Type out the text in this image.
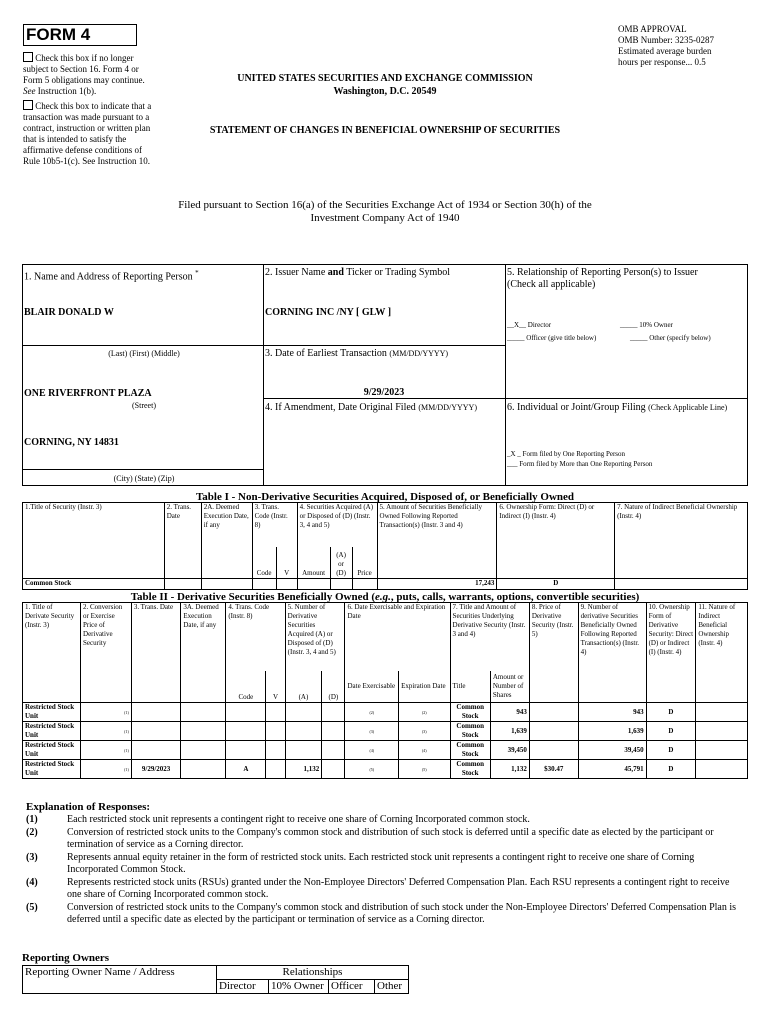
FORM 4
Check this box if no longer subject to Section 16. Form 4 or Form 5 obligations may continue. See Instruction 1(b).
Check this box to indicate that a transaction was made pursuant to a contract, instruction or written plan that is intended to satisfy the affirmative defense conditions of Rule 10b5-1(c). See Instruction 10.
OMB APPROVAL
OMB Number: 3235-0287
Estimated average burden
hours per response... 0.5
UNITED STATES SECURITIES AND EXCHANGE COMMISSION
Washington, D.C. 20549
STATEMENT OF CHANGES IN BENEFICIAL OWNERSHIP OF SECURITIES
Filed pursuant to Section 16(a) of the Securities Exchange Act of 1934 or Section 30(h) of the Investment Company Act of 1940
1. Name and Address of Reporting Person *
BLAIR DONALD W
(Last) (First) (Middle)
ONE RIVERFRONT PLAZA
(Street)
CORNING, NY 14831
(City) (State) (Zip)
2. Issuer Name and Ticker or Trading Symbol
CORNING INC /NY [ GLW ]
3. Date of Earliest Transaction (MM/DD/YYYY)
9/29/2023
4. If Amendment, Date Original Filed (MM/DD/YYYY)
5. Relationship of Reporting Person(s) to Issuer
(Check all applicable)
__X__ Director	_____ 10% Owner
_____ Officer (give title below)	_____ Other (specify below)
6. Individual or Joint/Group Filing (Check Applicable Line)
_X _ Form filed by One Reporting Person
___ Form filed by More than One Reporting Person
Table I - Non-Derivative Securities Acquired, Disposed of, or Beneficially Owned
1.Title of Security (Instr. 3)	2. Trans. Date	2A. Deemed Execution Date, if any	3. Trans. Code (Instr. 8)		4. Securities Acquired (A) or Disposed of (D) (Instr. 3, 4 and 5)			5. Amount of Securities Beneficially Owned Following Reported Transaction(s) (Instr. 3 and 4)	6. Ownership Form: Direct (D) or Indirect (I) (Instr. 4)	7. Nature of Indirect Beneficial Ownership (Instr. 4)
			Code	V	Amount	(A) or (D)	Price			
Common Stock								17,243	D	
Table II - Derivative Securities Beneficially Owned (e.g., puts, calls, warrants, options, convertible securities)
1. Title of Derivate Security (Instr. 3)	2. Conversion or Exercise Price of Derivative Security	3. Trans. Date	3A. Deemed Execution Date, if any	4. Trans. Code (Instr. 8)		5. Number of Derivative Securities Acquired (A) or Disposed of (D) (Instr. 3, 4 and 5)		6. Date Exercisable and Expiration Date		7. Title and Amount of Securities Underlying Derivative Security (Instr. 3 and 4)		8. Price of Derivative Security (Instr. 5)	9. Number of derivative Securities Beneficially Owned Following Reported Transaction(s) (Instr. 4)	10. Ownership Form of Derivative Security: Direct (D) or Indirect (I) (Instr. 4)	11. Nature of Indirect Beneficial Ownership (Instr. 4)
				Code	V	(A)	(D)	Date Exercisable	Expiration Date	Title	Amount or Number of Shares				
Restricted Stock Unit	(1)							(2)	(2)	Common Stock	943		943	D	
Restricted Stock Unit	(1)							(3)	(3)	Common Stock	1,639		1,639	D	
Restricted Stock Unit	(1)							(4)	(4)	Common Stock	39,450		39,450	D	
Restricted Stock Unit	(1)	9/29/2023		A		1,132		(5)	(5)	Common Stock	1,132	$30.47	45,791	D	
Explanation of Responses:
(1)	Each restricted stock unit represents a contingent right to receive one share of Corning Incorporated common stock.
(2)	Conversion of restricted stock units to the Company's common stock and distribution of such stock is deferred until a specific date as elected by the participant or termination of service as a Corning director.
(3)	Represents annual equity retainer in the form of restricted stock units. Each restricted stock unit represents a contingent right to receive one share of Corning Incorporated Common Stock.
(4)	Represents restricted stock units (RSUs) granted under the Non-Employee Directors' Deferred Compensation Plan. Each RSU represents a contingent right to receive one share of Corning Incorporated common stock.
(5)	Conversion of restricted stock units to the Company's common stock and distribution of such stock under the Non-Employee Directors' Deferred Compensation Plan is deferred until a specific date as elected by the participant or termination of service as a Corning director.
Reporting Owners
Reporting Owner Name / Address	Relationships			
	Director	10% Owner	Officer	Other
